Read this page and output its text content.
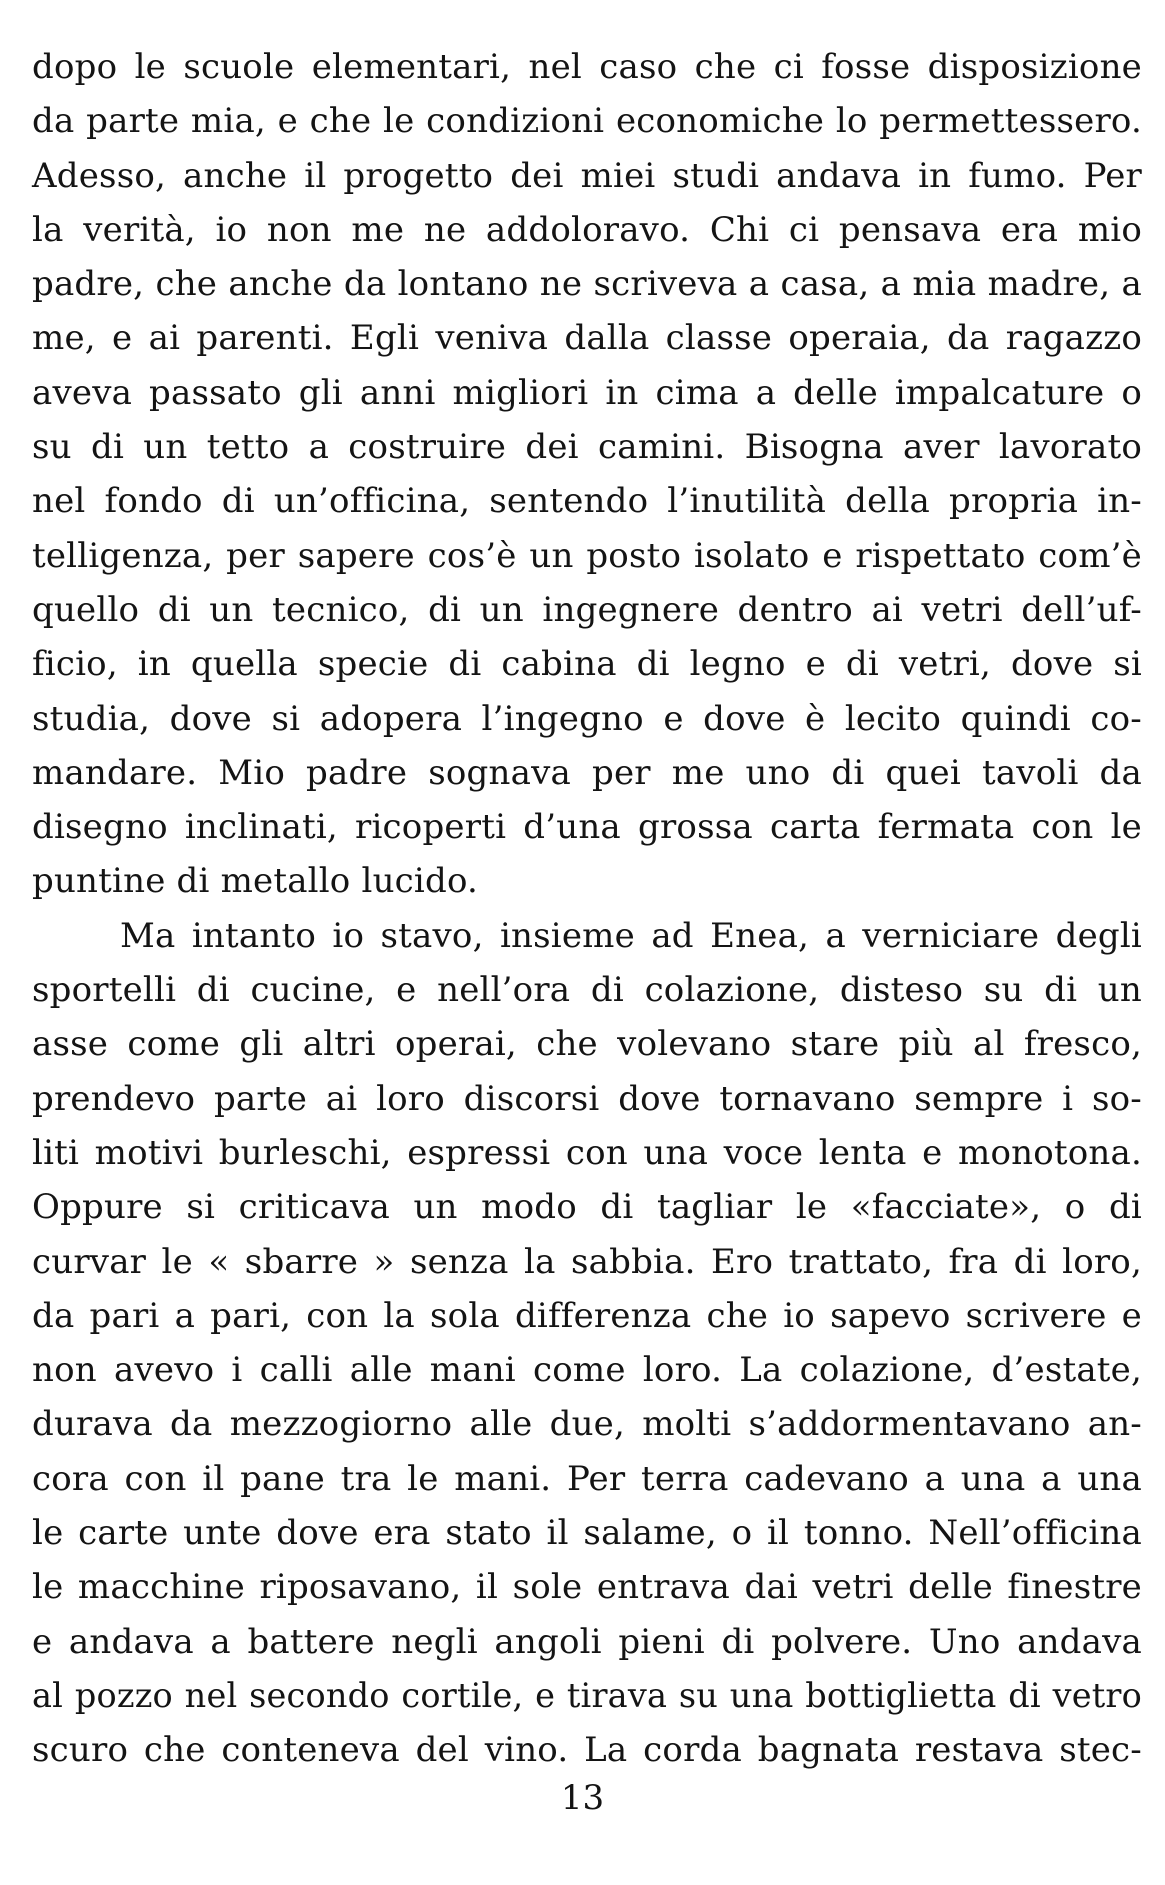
dopo le scuole elementari, nel caso che ci fosse disposizione
da parte mia, e che le condizioni economiche lo permettessero.
Adesso, anche il progetto dei miei studi andava in fumo. Per
la verità, io non me ne addoloravo. Chi ci pensava era mio
padre, che anche da lontano ne scriveva a casa, a mia madre, a
me, e ai parenti. Egli veniva dalla classe operaia, da ragazzo
aveva passato gli anni migliori in cima a delle impalcature o
su di un tetto a costruire dei camini. Bisogna aver lavorato
nel fondo di un’officina, sentendo l’inutilità della propria in-
telligenza, per sapere cos’è un posto isolato e rispettato com’è
quello di un tecnico, di un ingegnere dentro ai vetri dell’uf-
ficio, in quella specie di cabina di legno e di vetri, dove si
studia, dove si adopera l’ingegno e dove è lecito quindi co-
mandare. Mio padre sognava per me uno di quei tavoli da
disegno inclinati, ricoperti d’una grossa carta fermata con le
puntine di metallo lucido.
Ma intanto io stavo, insieme ad Enea, a verniciare degli
sportelli di cucine, e nell’ora di colazione, disteso su di un
asse come gli altri operai, che volevano stare più al fresco,
prendevo parte ai loro discorsi dove tornavano sempre i so-
liti motivi burleschi, espressi con una voce lenta e monotona.
Oppure si criticava un modo di tagliar le «facciate», o di
curvar le « sbarre » senza la sabbia. Ero trattato, fra di loro,
da pari a pari, con la sola differenza che io sapevo scrivere e
non avevo i calli alle mani come loro. La colazione, d’estate,
durava da mezzogiorno alle due, molti s’addormentavano an-
cora con il pane tra le mani. Per terra cadevano a una a una
le carte unte dove era stato il salame, o il tonno. Nell’officina
le macchine riposavano, il sole entrava dai vetri delle finestre
e andava a battere negli angoli pieni di polvere. Uno andava
al pozzo nel secondo cortile, e tirava su una bottiglietta di vetro
scuro che conteneva del vino. La corda bagnata restava stec-
13
